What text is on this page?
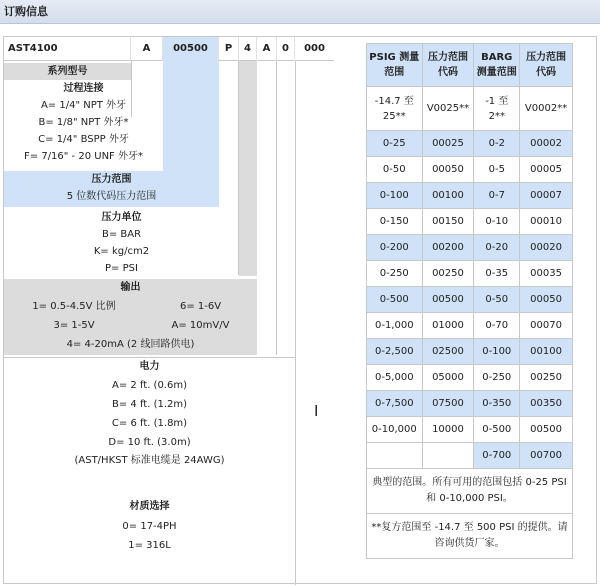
订购信息
AST4100	A	00500	P	4	A	0	000
系列型号
过程连接
A= 1/4" NPT 外牙
B= 1/8" NPT 外牙*
C= 1/4" BSPP 外牙
F= 7/16" - 20 UNF 外牙*
压力范围
5 位数代码压力范围
压力单位
B= BAR
K= kg/cm2
P= PSI
输出
1= 0.5-4.5V 比例	6= 1-6V
3= 1-5V	A= 10mV/V
4= 4-20mA (2 线回路供电)
电力
A= 2 ft. (0.6m)
B= 4 ft. (1.2m)
C= 6 ft. (1.8m)
D= 10 ft. (3.0m)
(AST/HKST 标准电缆是 24AWG)
材质选择
0= 17-4PH
1= 316L
I
PSIG 测量范围	压力范围代码	BARG 测量范围	压力范围代码
-14.7 至 25**	V0025**	-1 至 2**	V0002**
0-25	00025	0-2	00002
0-50	00050	0-5	00005
0-100	00100	0-7	00007
0-150	00150	0-10	00010
0-200	00200	0-20	00020
0-250	00250	0-35	00035
0-500	00500	0-50	00050
0-1,000	01000	0-70	00070
0-2,500	02500	0-100	00100
0-5,000	05000	0-250	00250
0-7,500	07500	0-350	00350
0-10,000	10000	0-500	00500
		0-700	00700
典型的范围。所有可用的范围包括 0-25 PSI 和 0-10,000 PSI。			
**复方范围至 -14.7 至 500 PSI 的提供。请咨询供货厂家。			
